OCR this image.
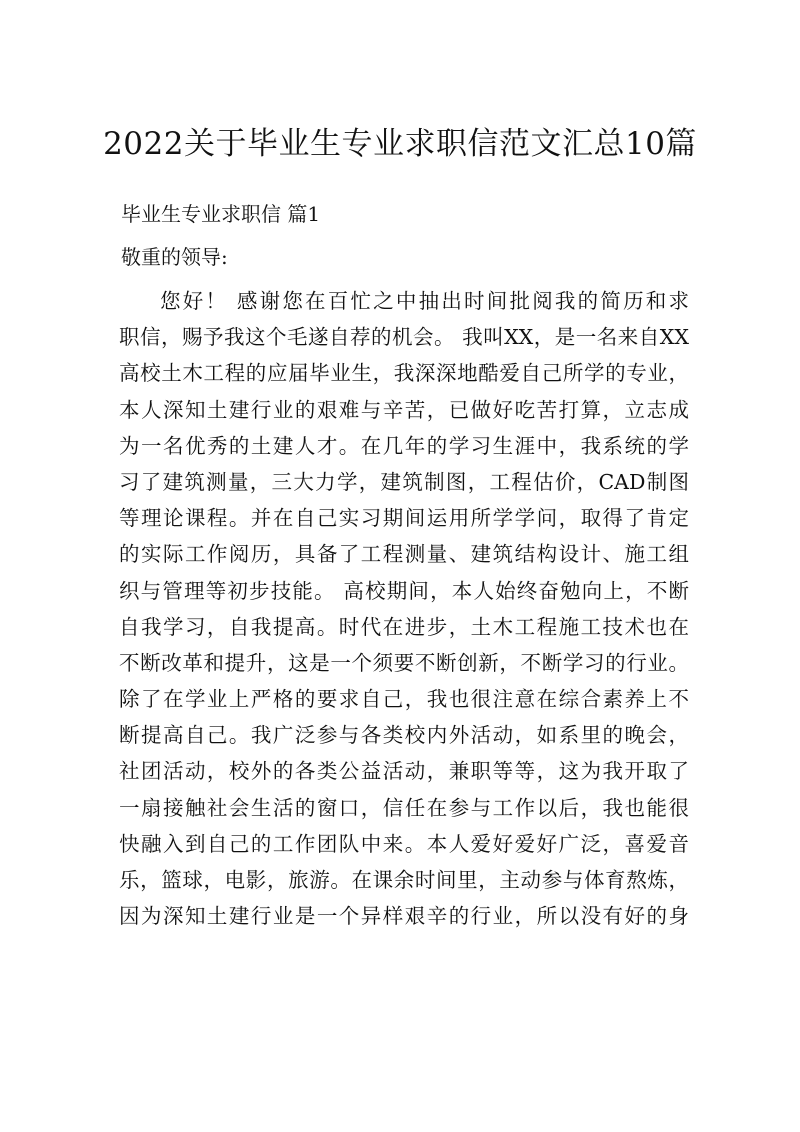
2022关于毕业生专业求职信范文汇总10篇
毕业生专业求职信 篇1
敬重的领导:
您好！ 感谢您在百忙之中抽出时间批阅我的简历和求
职信，赐予我这个毛遂自荐的机会。 我叫XX，是一名来自XX
高校土木工程的应届毕业生，我深深地酷爱自己所学的专业，
本人深知土建行业的艰难与辛苦，已做好吃苦打算，立志成
为一名优秀的土建人才。在几年的学习生涯中，我系统的学
习了建筑测量，三大力学，建筑制图，工程估价，CAD制图
等理论课程。并在自己实习期间运用所学学问，取得了肯定
的实际工作阅历，具备了工程测量、建筑结构设计、施工组
织与管理等初步技能。 高校期间，本人始终奋勉向上，不断
自我学习，自我提高。时代在进步，土木工程施工技术也在
不断改革和提升，这是一个须要不断创新，不断学习的行业。
除了在学业上严格的要求自己，我也很注意在综合素养上不
断提高自己。我广泛参与各类校内外活动，如系里的晚会，
社团活动，校外的各类公益活动，兼职等等，这为我开取了
一扇接触社会生活的窗口，信任在参与工作以后，我也能很
快融入到自己的工作团队中来。本人爱好爱好广泛，喜爱音
乐，篮球，电影，旅游。在课余时间里，主动参与体育熬炼，
因为深知土建行业是一个异样艰辛的行业，所以没有好的身
